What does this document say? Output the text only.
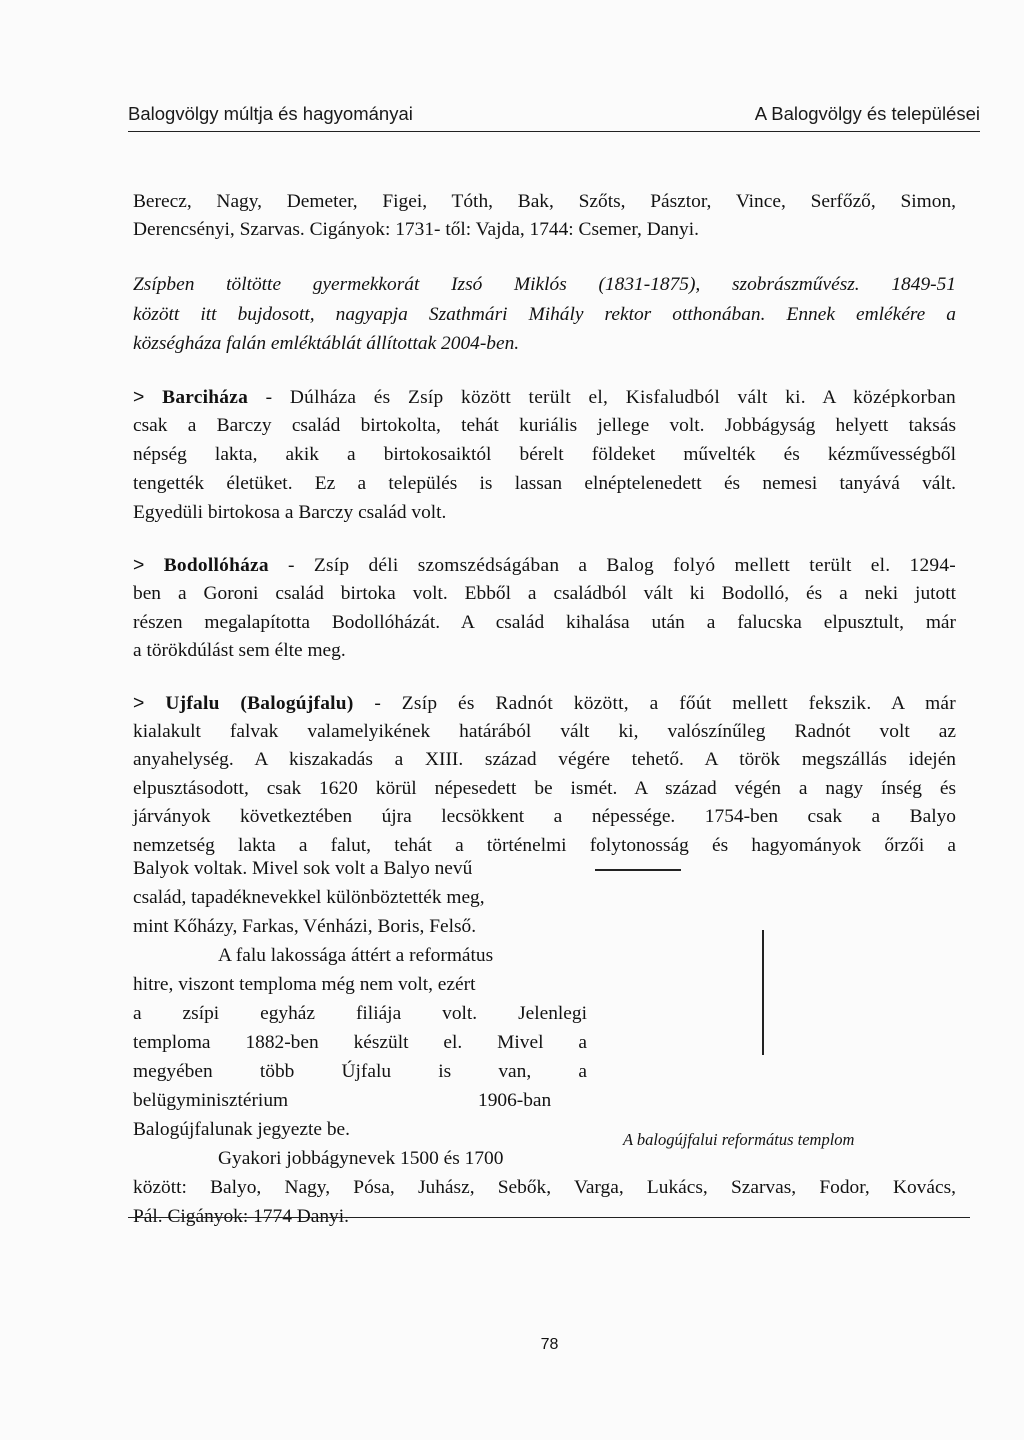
Balogvölgy múltja és hagyományai	A Balogvölgy és települései
Berecz, Nagy, Demeter, Figei, Tóth, Bak, Szőts, Pásztor, Vince, Serfőző, Simon,
Derencsényi, Szarvas. Cigányok: 1731- től: Vajda, 1744: Csemer, Danyi.
Zsípben töltötte gyermekkorát Izsó Miklós (1831-1875), szobrászművész. 1849-51
között itt bujdosott, nagyapja Szathmári Mihály rektor otthonában. Ennek emlékére a
községháza falán emléktáblát állítottak 2004-ben.
> Barciháza - Dúlháza és Zsíp között terült el, Kisfaludból vált ki. A középkorban
csak a Barczy család birtokolta, tehát kuriális jellege volt. Jobbágyság helyett taksás
népség lakta, akik a birtokosaiktól bérelt földeket művelték és kézművességből
tengették életüket. Ez a település is lassan elnéptelenedett és nemesi tanyává vált.
Egyedüli birtokosa a Barczy család volt.
> Bodollóháza - Zsíp déli szomszédságában a Balog folyó mellett terült el. 1294-
ben a Goroni család birtoka volt. Ebből a családból vált ki Bodolló, és a neki jutott
részen megalapította Bodollóházát. A család kihalása után a falucska elpusztult, már
a törökdúlást sem élte meg.
> Ujfalu (Balogújfalu) - Zsíp és Radnót között, a főút mellett fekszik. A már
kialakult falvak valamelyikének határából vált ki, valószínűleg Radnót volt az
anyahelység. A kiszakadás a XIII. század végére tehető. A török megszállás idején
elpusztásodott, csak 1620 körül népesedett be ismét. A század végén a nagy ínség és
járványok következtében újra lecsökkent a népessége. 1754-ben csak a Balyo
nemzetség lakta a falut, tehát a történelmi folytonosság és hagyományok őrzői a
Balyok voltak. Mivel sok volt a Balyo nevű
család, tapadéknevekkel különböztették meg,
mint Kőházy, Farkas, Vénházi, Boris, Felső.
A falu lakossága áttért a református
hitre, viszont temploma még nem volt, ezért
a zsípi egyház filiája volt. Jelenlegi
temploma 1882-ben készült el. Mivel a
megyében több Újfalu is van, a
belügyminisztérium	1906-ban
Balogújfalunak jegyezte be.
Gyakori jobbágynevek 1500 és 1700
között: Balyo, Nagy, Pósa, Juhász, Sebők, Varga, Lukács, Szarvas, Fodor, Kovács,
Pál. Cigányok: 1774 Danyi.
A balogújfalui református templom
78
